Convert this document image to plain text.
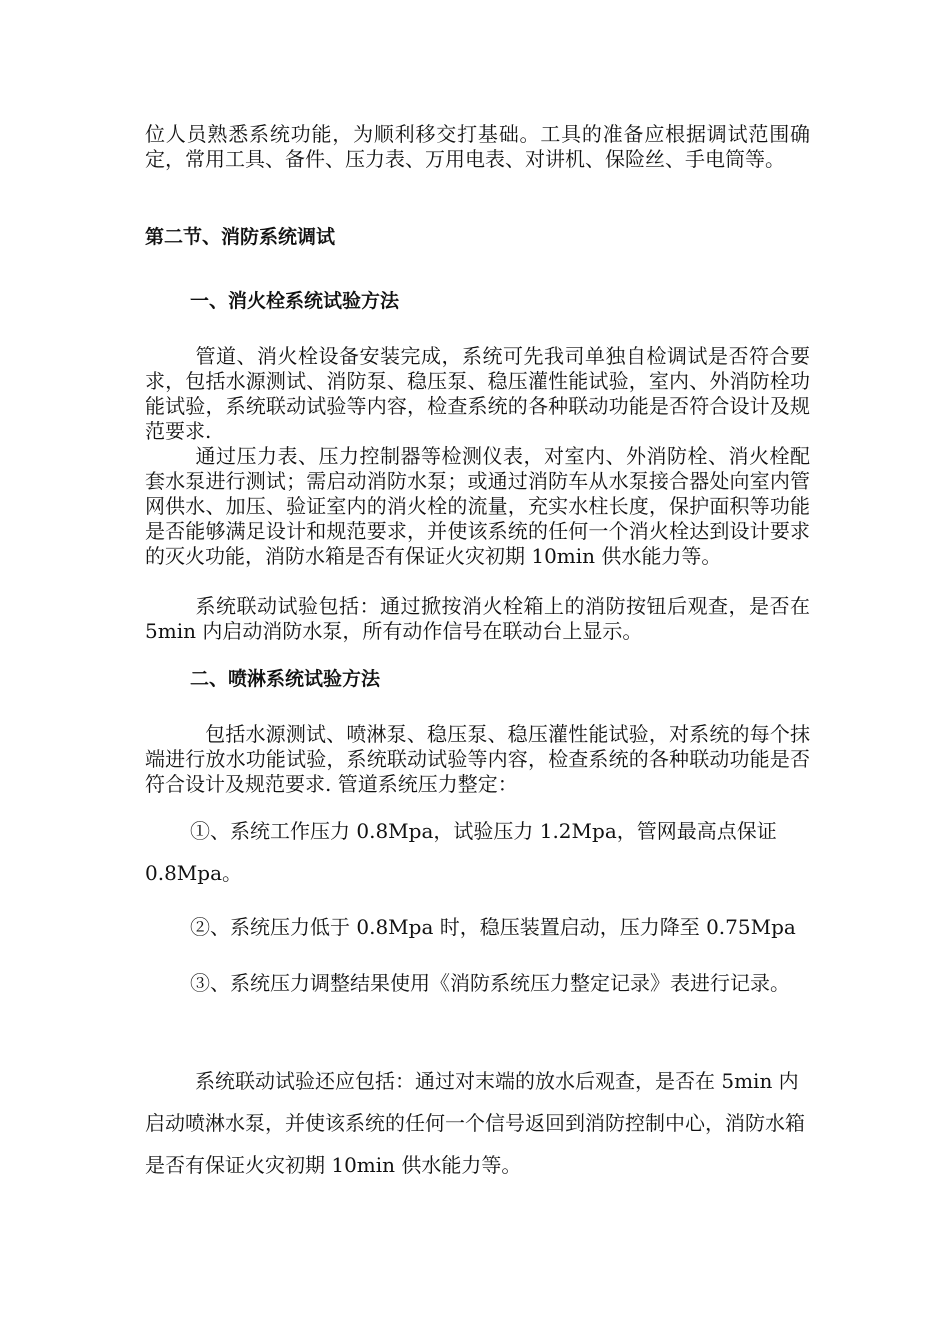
位人员熟悉系统功能，为顺利移交打基础。工具的准备应根据调试范围确定，常用工具、备件、压力表、万用电表、对讲机、保险丝、手电筒等。

第二节、消防系统调试
一、消火栓系统试验方法

管道、消火栓设备安装完成，系统可先我司单独自检调试是否符合要求，包括水源测试、消防泵、稳压泵、稳压灌性能试验，室内、外消防栓功能试验，系统联动试验等内容，检查系统的各种联动功能是否符合设计及规范要求.

通过压力表、压力控制器等检测仪表，对室内、外消防栓、消火栓配套水泵进行测试；需启动消防水泵；或通过消防车从水泵接合器处向室内管网供水、加压、验证室内的消火栓的流量，充实水柱长度，保护面积等功能是否能够满足设计和规范要求，并使该系统的任何一个消火栓达到设计要求的灭火功能，消防水箱是否有保证火灾初期 10min 供水能力等。

系统联动试验包括：通过掀按消火栓箱上的消防按钮后观查，是否在 5min 内启动消防水泵，所有动作信号在联动台上显示。

二、喷淋系统试验方法

包括水源测试、喷淋泵、稳压泵、稳压灌性能试验，对系统的每个抹端进行放水功能试验，系统联动试验等内容，检查系统的各种联动功能是否符合设计及规范要求. 管道系统压力整定：

①、系统工作压力 0.8Mpa，试验压力 1.2Mpa，管网最高点保证 0.8Mpa。

②、系统压力低于 0.8Mpa 时，稳压装置启动，压力降至 0.75Mpa

③、系统压力调整结果使用《消防系统压力整定记录》表进行记录。

系统联动试验还应包括：通过对末端的放水后观查，是否在 5min 内启动喷淋水泵，并使该系统的任何一个信号返回到消防控制中心，消防水箱是否有保证火灾初期 10min 供水能力等。
